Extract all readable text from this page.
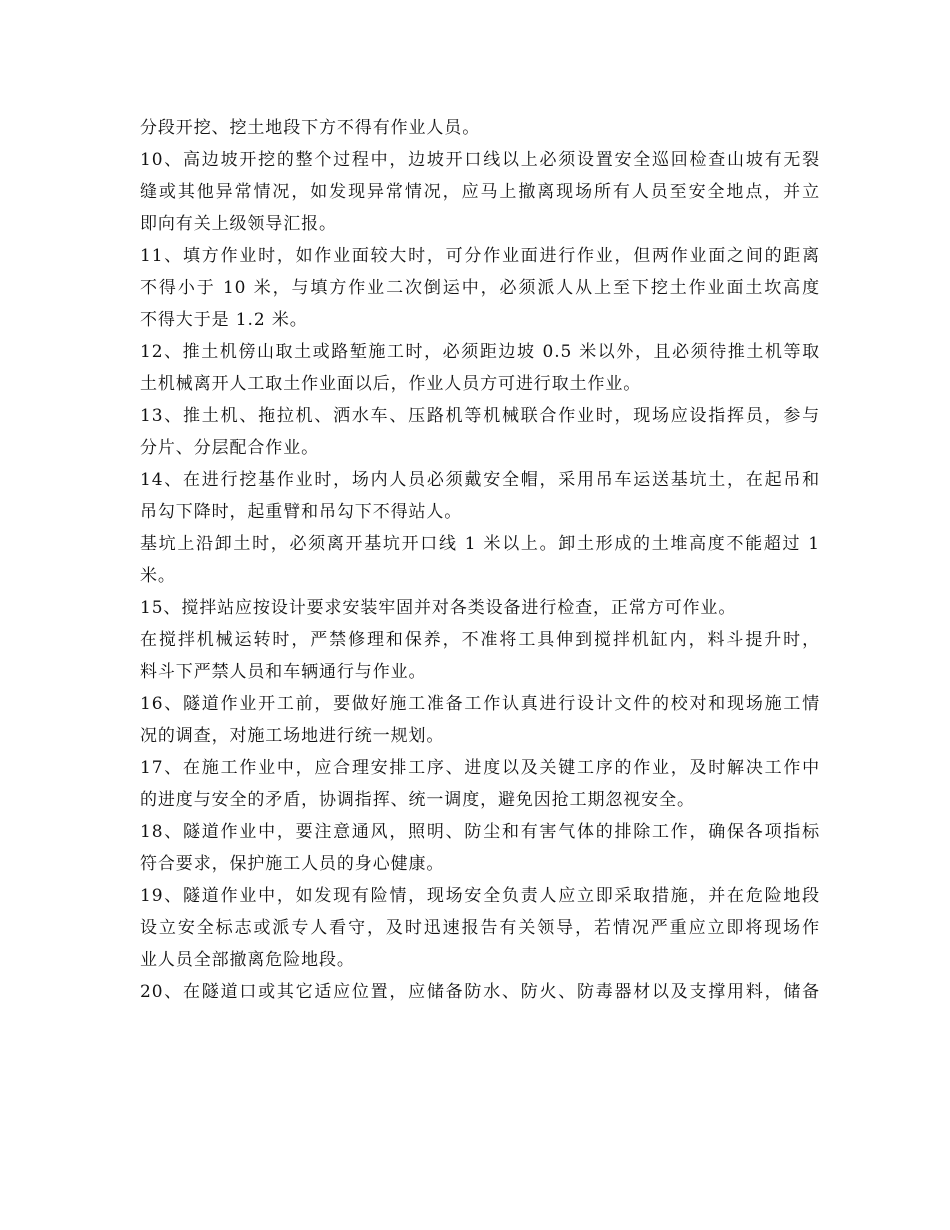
分段开挖、挖土地段下方不得有作业人员。
10、高边坡开挖的整个过程中，边坡开口线以上必须设置安全巡回检查山坡有无裂
缝或其他异常情况，如发现异常情况，应马上撤离现场所有人员至安全地点，并立
即向有关上级领导汇报。
11、填方作业时，如作业面较大时，可分作业面进行作业，但两作业面之间的距离
不得小于 10 米，与填方作业二次倒运中，必须派人从上至下挖土作业面土坎高度
不得大于是 1.2 米。
12、推土机傍山取土或路堑施工时，必须距边坡 0.5 米以外，且必须待推土机等取
土机械离开人工取土作业面以后，作业人员方可进行取土作业。
13、推土机、拖拉机、洒水车、压路机等机械联合作业时，现场应设指挥员，参与
分片、分层配合作业。
14、在进行挖基作业时，场内人员必须戴安全帽，采用吊车运送基坑土，在起吊和
吊勾下降时，起重臂和吊勾下不得站人。
基坑上沿卸土时，必须离开基坑开口线 1 米以上。卸土形成的土堆高度不能超过 1
米。
15、搅拌站应按设计要求安装牢固并对各类设备进行检查，正常方可作业。
在搅拌机械运转时，严禁修理和保养，不准将工具伸到搅拌机缸内，料斗提升时，
料斗下严禁人员和车辆通行与作业。
16、隧道作业开工前，要做好施工准备工作认真进行设计文件的校对和现场施工情
况的调查，对施工场地进行统一规划。
17、在施工作业中，应合理安排工序、进度以及关键工序的作业，及时解决工作中
的进度与安全的矛盾，协调指挥、统一调度，避免因抢工期忽视安全。
18、隧道作业中，要注意通风，照明、防尘和有害气体的排除工作，确保各项指标
符合要求，保护施工人员的身心健康。
19、隧道作业中，如发现有险情，现场安全负责人应立即采取措施，并在危险地段
设立安全标志或派专人看守，及时迅速报告有关领导，若情况严重应立即将现场作
业人员全部撤离危险地段。
20、在隧道口或其它适应位置，应储备防水、防火、防毒器材以及支撑用料，储备
